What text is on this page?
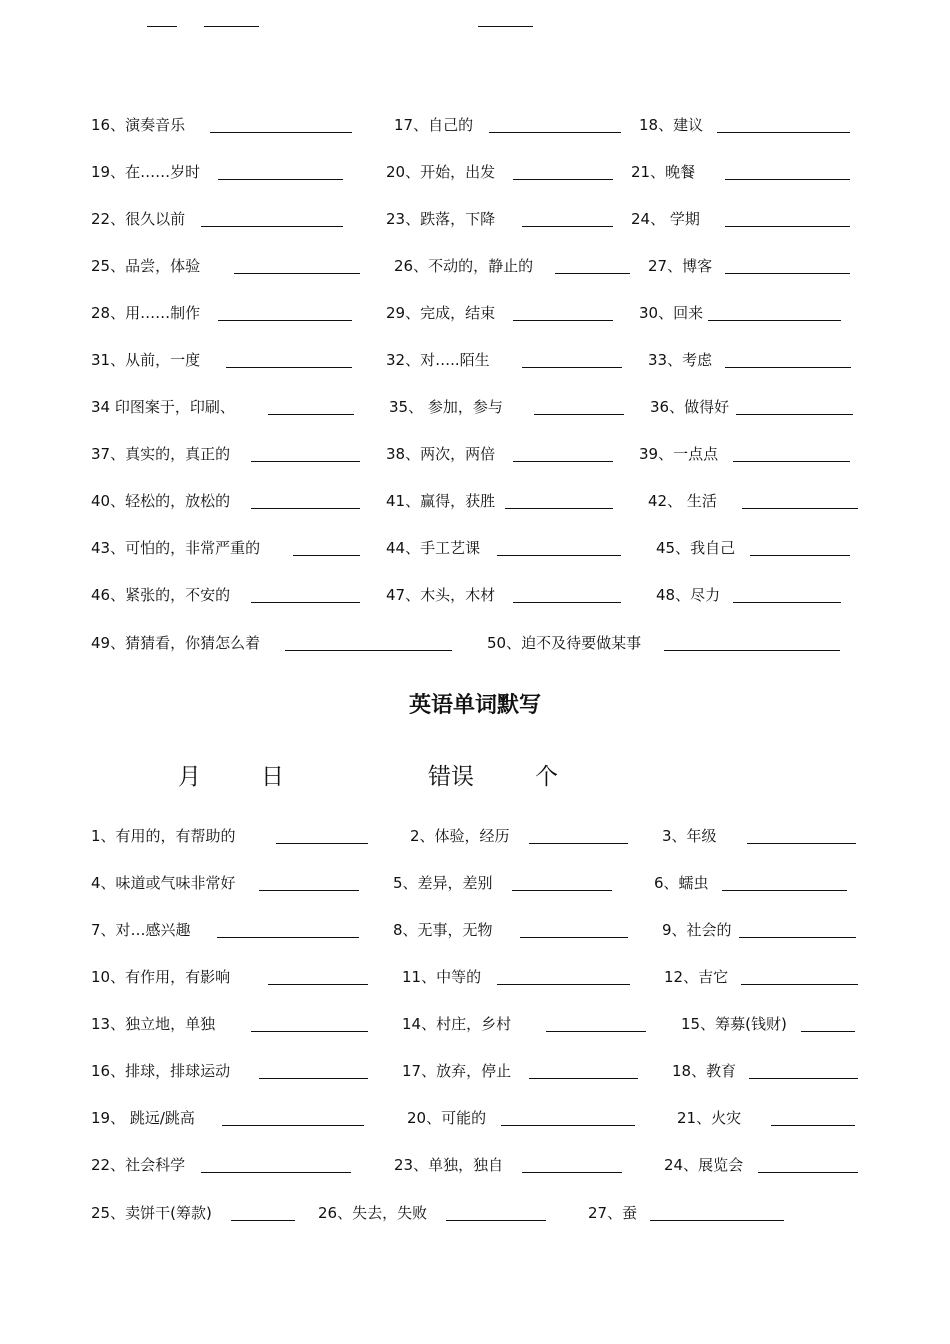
16、演奏音乐	17、自己的	18、建议
19、在……岁时	20、开始，出发	21、晚餐
22、很久以前	23、跌落，下降	24、 学期
25、品尝，体验	26、不动的，静止的	27、博客
28、用……制作	29、完成，结束	30、回来
31、从前，一度	32、对…..陌生	33、考虑
34 印图案于，印刷、	35、 参加，参与	36、做得好
37、真实的，真正的	38、两次，两倍	39、一点点
40、轻松的，放松的	41、赢得，获胜	42、 生活
43、可怕的，非常严重的	44、手工艺课	45、我自己
46、紧张的，不安的	47、木头，木材	48、尽力
49、猜猜看，你猜怎么着	50、迫不及待要做某事
英语单词默写
月	日	错误	个
1、有用的，有帮助的	2、体验，经历	3、年级
4、味道或气味非常好	5、差异，差别	6、蠕虫
7、对…感兴趣	8、无事，无物	9、社会的
10、有作用，有影响	11、中等的	12、吉它
13、独立地，单独	14、村庄，乡村	15、筹募(钱财)
16、排球，排球运动	17、放弃，停止	18、教育
19、 跳远/跳高	20、可能的	21、火灾
22、社会科学	23、单独，独自	24、展览会
25、卖饼干(筹款)	26、失去，失败	27、蚕
